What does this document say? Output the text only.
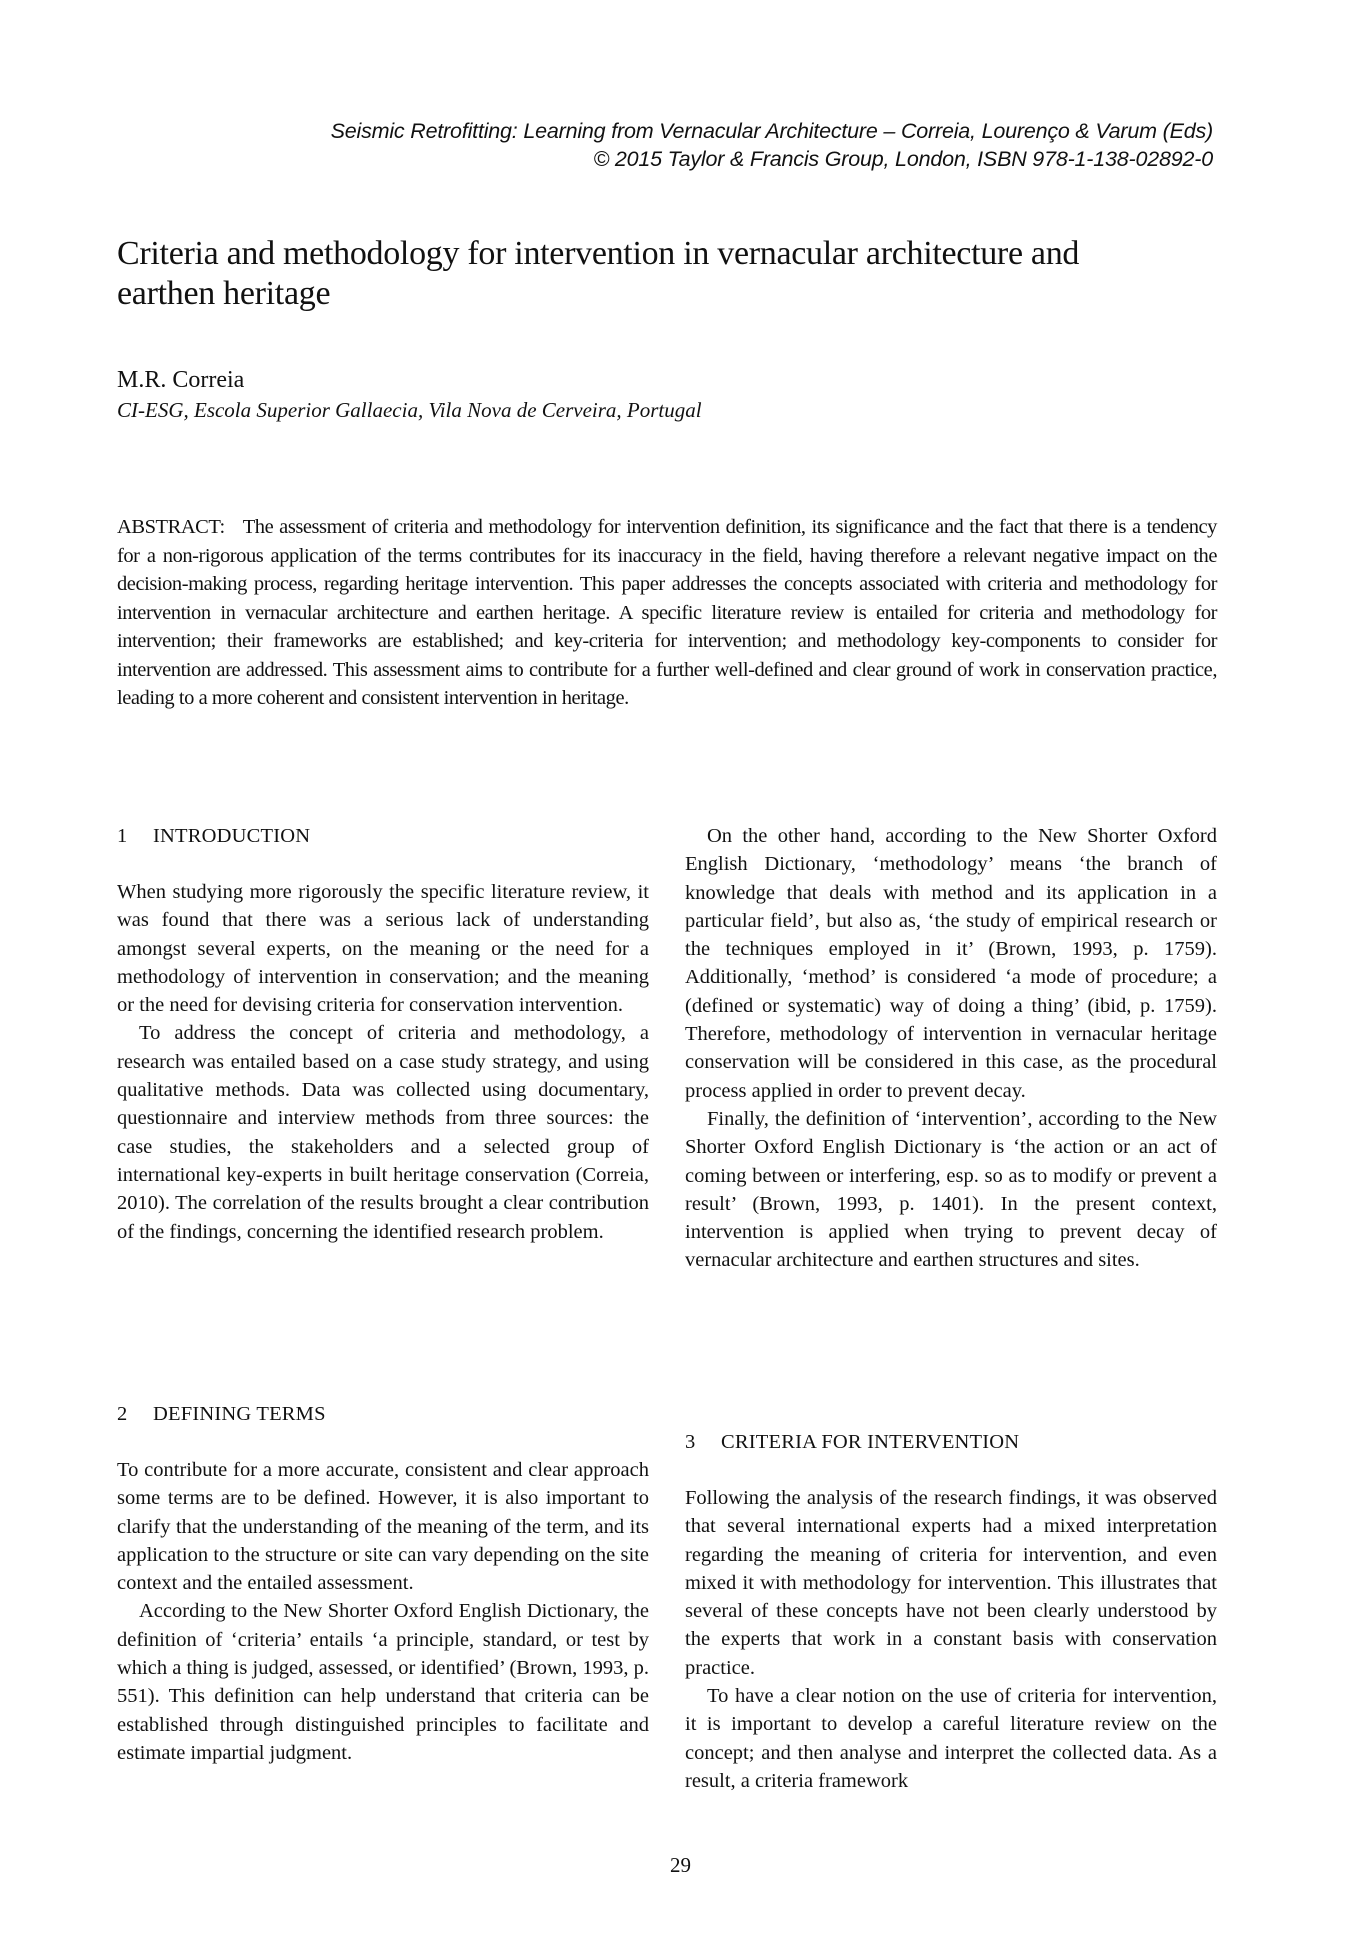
Seismic Retrofitting: Learning from Vernacular Architecture – Correia, Lourenço & Varum (Eds)
© 2015 Taylor & Francis Group, London, ISBN 978-1-138-02892-0
Criteria and methodology for intervention in vernacular architecture and earthen heritage
M.R. Correia
CI-ESG, Escola Superior Gallaecia, Vila Nova de Cerveira, Portugal

ABSTRACT: The assessment of criteria and methodology for intervention definition, its significance and the fact that there is a tendency for a non-rigorous application of the terms contributes for its inaccuracy in the field, having therefore a relevant negative impact on the decision-making process, regarding heritage intervention. This paper addresses the concepts associated with criteria and methodology for intervention in vernacular architecture and earthen heritage. A specific literature review is entailed for criteria and methodology for intervention; their frameworks are established; and key-criteria for intervention; and methodology key-components to consider for intervention are addressed. This assessment aims to contribute for a further well-defined and clear ground of work in conservation practice, leading to a more coherent and consistent intervention in heritage.

1 INTRODUCTION

When studying more rigorously the specific literature review, it was found that there was a serious lack of understanding amongst several experts, on the meaning or the need for a methodology of intervention in conservation; and the meaning or the need for devising criteria for conservation intervention.

To address the concept of criteria and methodology, a research was entailed based on a case study strategy, and using qualitative methods. Data was collected using documentary, questionnaire and interview methods from three sources: the case studies, the stakeholders and a selected group of international key-experts in built heritage conservation (Correia, 2010). The correlation of the results brought a clear contribution of the findings, concerning the identified research problem.

2 DEFINING TERMS

To contribute for a more accurate, consistent and clear approach some terms are to be defined. However, it is also important to clarify that the understanding of the meaning of the term, and its application to the structure or site can vary depending on the site context and the entailed assessment.

According to the New Shorter Oxford English Dictionary, the definition of ‘criteria’ entails ‘a principle, standard, or test by which a thing is judged, assessed, or identified’ (Brown, 1993, p. 551). This definition can help understand that criteria can be established through distinguished principles to facilitate and estimate impartial judgment.

On the other hand, according to the New Shorter Oxford English Dictionary, ‘methodology’ means ‘the branch of knowledge that deals with method and its application in a particular field’, but also as, ‘the study of empirical research or the techniques employed in it’ (Brown, 1993, p. 1759). Additionally, ‘method’ is considered ‘a mode of procedure; a (defined or systematic) way of doing a thing’ (ibid, p. 1759). Therefore, methodology of intervention in vernacular heritage conservation will be considered in this case, as the procedural process applied in order to prevent decay.

Finally, the definition of ‘intervention’, according to the New Shorter Oxford English Dictionary is ‘the action or an act of coming between or interfering, esp. so as to modify or prevent a result’ (Brown, 1993, p. 1401). In the present context, intervention is applied when trying to prevent decay of vernacular architecture and earthen structures and sites.

3 CRITERIA FOR INTERVENTION

Following the analysis of the research findings, it was observed that several international experts had a mixed interpretation regarding the meaning of criteria for intervention, and even mixed it with methodology for intervention. This illustrates that several of these concepts have not been clearly understood by the experts that work in a constant basis with conservation practice.

To have a clear notion on the use of criteria for intervention, it is important to develop a careful literature review on the concept; and then analyse and interpret the collected data. As a result, a criteria framework

29
